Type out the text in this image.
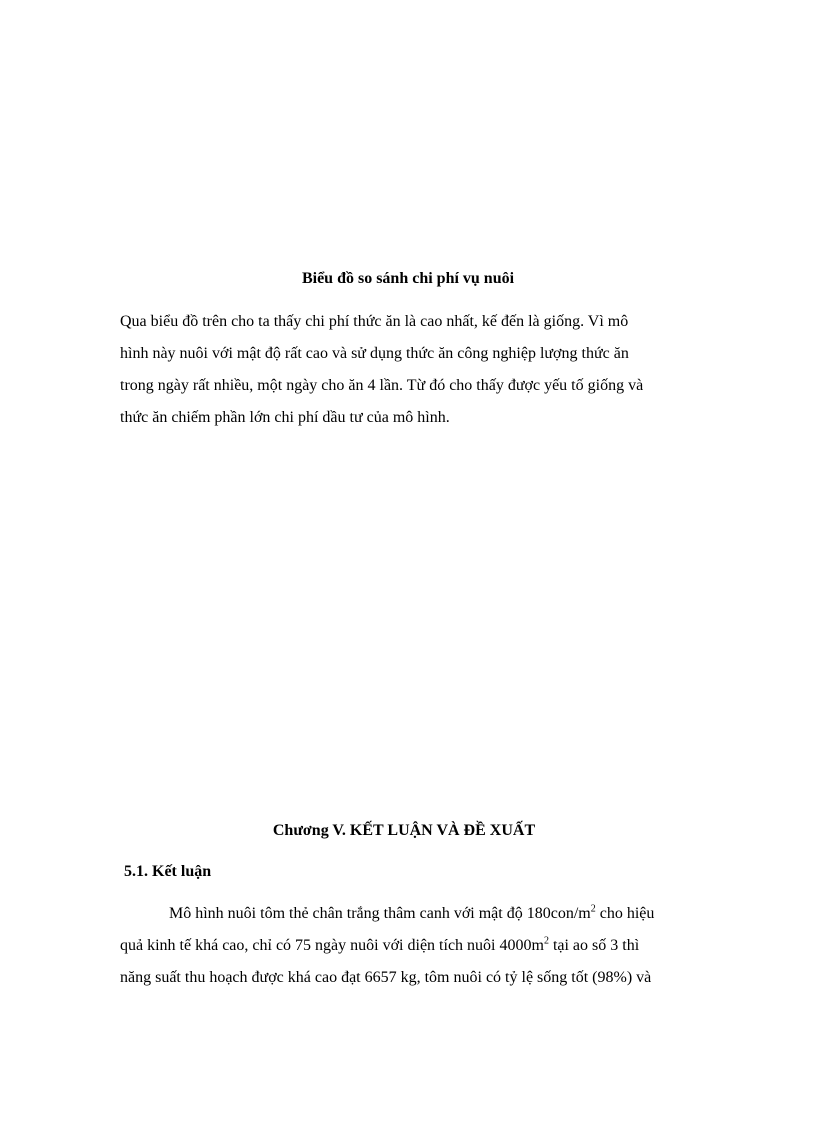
Biểu đồ so sánh chi phí vụ nuôi
Qua biểu đồ trên cho ta thấy chi phí thức ăn là cao nhất, kế đến là giống. Vì mô
hình này nuôi với mật độ rất cao và sử dụng thức ăn công nghiệp lượng thức ăn
trong ngày rất nhiều, một ngày cho ăn 4 lần. Từ đó cho thấy được yếu tố giống và
thức ăn chiếm phần lớn chi phí dầu tư của mô hình.
Chương V. KẾT LUẬN VÀ ĐỀ XUẤT
5.1. Kết luận
Mô hình nuôi tôm thẻ chân trắng thâm canh với mật độ $180con/m^2$ cho hiệu
quả kinh tế khá cao, chỉ có 75 ngày nuôi với diện tích nuôi $4000m^2$ tại ao số 3 thì
năng suất thu hoạch được khá cao đạt 6657 kg, tôm nuôi có tỷ lệ sống tốt (98%) và
